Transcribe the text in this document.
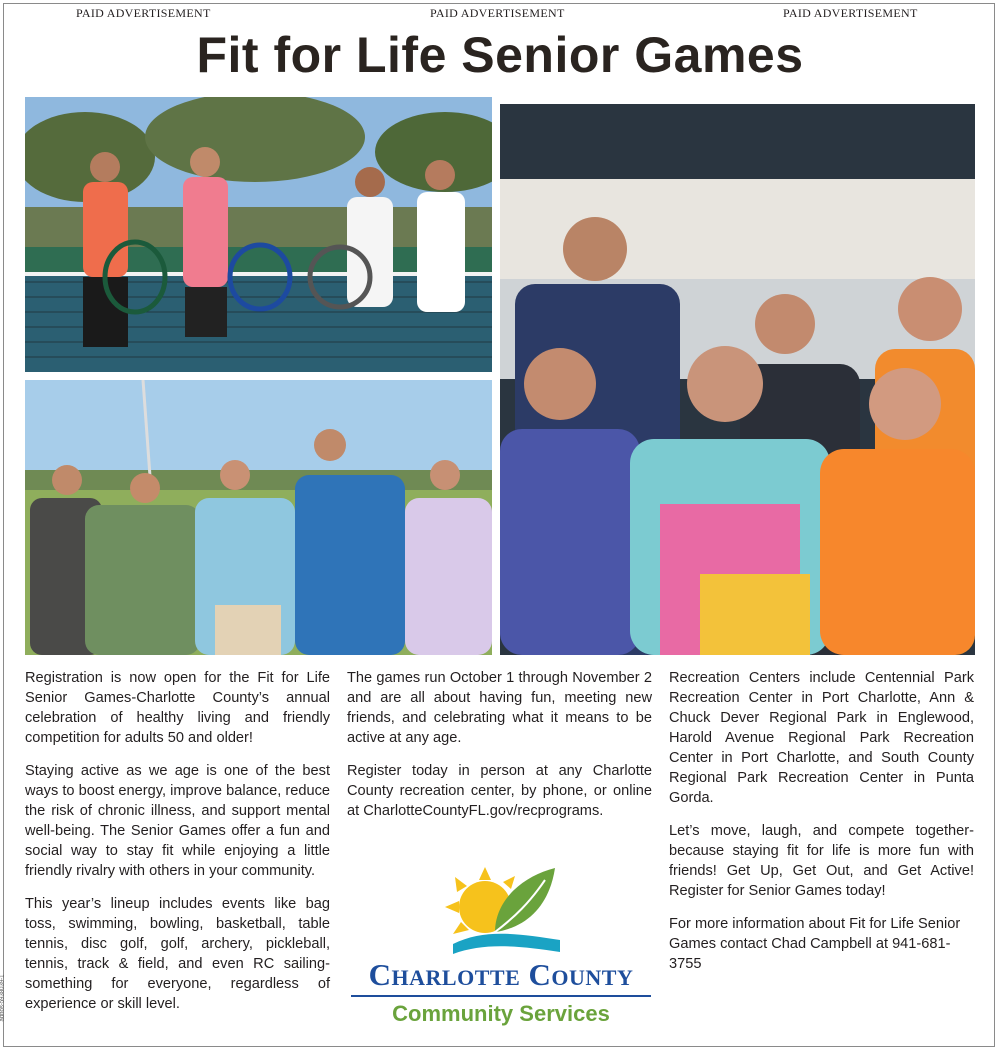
PAID ADVERTISEMENT	PAID ADVERTISEMENT	PAID ADVERTISEMENT
Fit for Life Senior Games

Registration is now open for the Fit for Life Senior Games-Charlotte County’s annual celebration of healthy living and friendly competition for adults 50 and older!

Staying active as we age is one of the best ways to boost energy, improve balance, reduce the risk of chronic illness, and support mental well-being. The Senior Games offer a fun and social way to stay fit while enjoying a little friendly rivalry with others in your community.

This year’s lineup includes events like bag toss, swimming, bowling, basketball, table tennis, disc golf, golf, archery, pickleball, tennis, track & field, and even RC sailing-something for everyone, regardless of experience or skill level.

The games run October 1 through November 2 and are all about having fun, meeting new friends, and celebrating what it means to be active at any age.

Register today in person at any Charlotte County recreation center, by phone, or online at CharlotteCountyFL.gov/recprograms.

Recreation Centers include Centennial Park Recreation Center in Port Charlotte, Ann & Chuck Dever Regional Park in Englewood, Harold Avenue Regional Park Recreation Center in Port Charlotte, and South County Regional Park Recreation Center in Punta Gorda.

Let’s move, laugh, and compete together-because staying fit for life is more fun with friends! Get Up, Get Out, and Get Active! Register for Senior Games today!

For more information about Fit for Life Senior Games contact Chad Campbell at 941-681-3755

Charlotte County
Community Services
adnos-5938039-1
